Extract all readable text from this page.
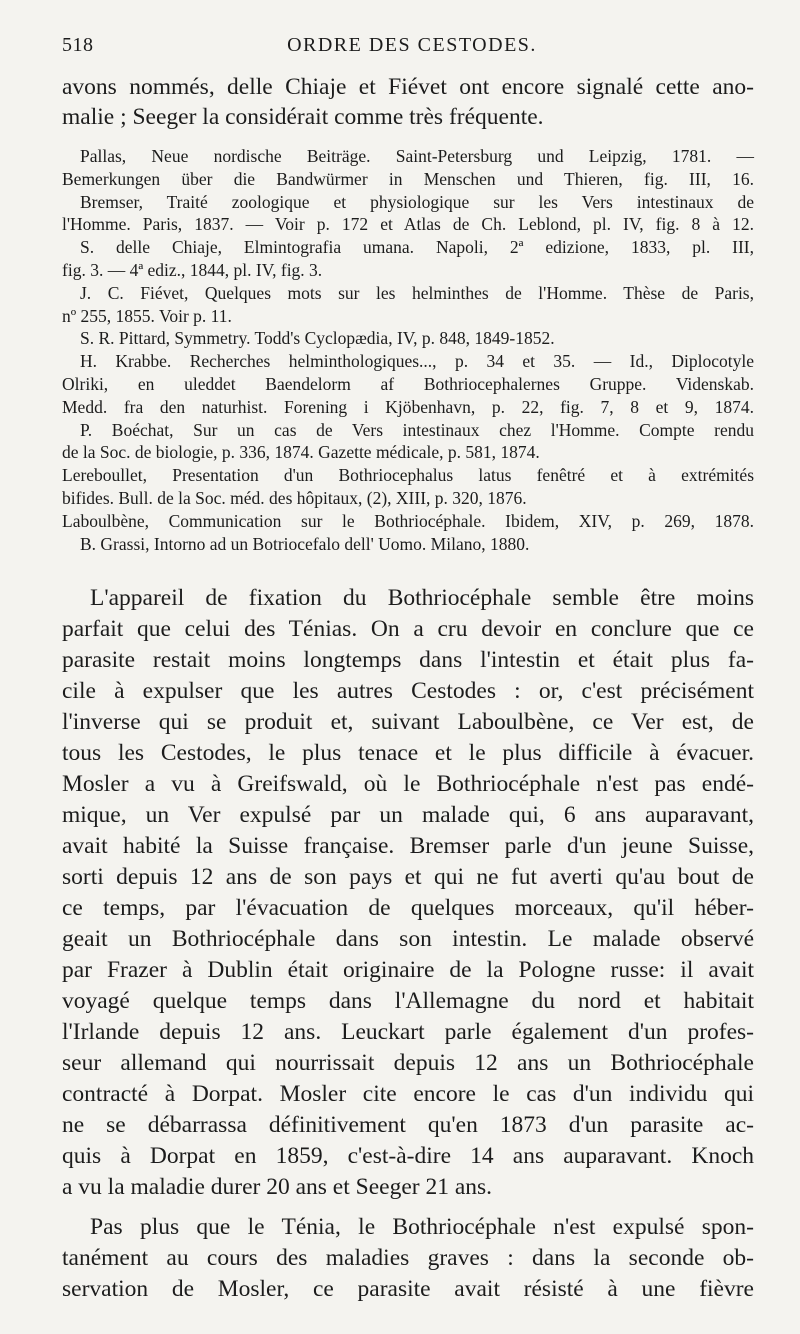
518	ORDRE DES CESTODES.
avons nommés, delle Chiaje et Fiévet ont encore signalé cette ano-
malie ; Seeger la considérait comme très fréquente.
Pallas, Neue nordische Beiträge. Saint-Petersburg und Leipzig, 1781. —
Bemerkungen über die Bandwürmer in Menschen und Thieren, fig. III, 16.
Bremser, Traité zoologique et physiologique sur les Vers intestinaux de
l'Homme. Paris, 1837. — Voir p. 172 et Atlas de Ch. Leblond, pl. IV, fig. 8 à 12.
S. delle Chiaje, Elmintografia umana. Napoli, 2ª edizione, 1833, pl. III,
fig. 3. — 4ª ediz., 1844, pl. IV, fig. 3.
J. C. Fiévet, Quelques mots sur les helminthes de l'Homme. Thèse de Paris,
nº 255, 1855. Voir p. 11.
S. R. Pittard, Symmetry. Todd's Cyclopædia, IV, p. 848, 1849-1852.
H. Krabbe. Recherches helminthologiques..., p. 34 et 35. — Id., Diplocotyle
Olriki, en uleddet Baendelorm af Bothriocephalernes Gruppe. Videnskab.
Medd. fra den naturhist. Forening i Kjöbenhavn, p. 22, fig. 7, 8 et 9, 1874.
P. Boéchat, Sur un cas de Vers intestinaux chez l'Homme. Compte rendu
de la Soc. de biologie, p. 336, 1874. Gazette médicale, p. 581, 1874.
Lereboullet, Presentation d'un Bothriocephalus latus fenêtré et à extrémités
bifides. Bull. de la Soc. méd. des hôpitaux, (2), XIII, p. 320, 1876.
Laboulbène, Communication sur le Bothriocéphale. Ibidem, XIV, p. 269, 1878.
B. Grassi, Intorno ad un Botriocefalo dell' Uomo. Milano, 1880.
L'appareil de fixation du Bothriocéphale semble être moins
parfait que celui des Ténias. On a cru devoir en conclure que ce
parasite restait moins longtemps dans l'intestin et était plus fa-
cile à expulser que les autres Cestodes : or, c'est précisément
l'inverse qui se produit et, suivant Laboulbène, ce Ver est, de
tous les Cestodes, le plus tenace et le plus difficile à évacuer.
Mosler a vu à Greifswald, où le Bothriocéphale n'est pas endé-
mique, un Ver expulsé par un malade qui, 6 ans auparavant,
avait habité la Suisse française. Bremser parle d'un jeune Suisse,
sorti depuis 12 ans de son pays et qui ne fut averti qu'au bout de
ce temps, par l'évacuation de quelques morceaux, qu'il héber-
geait un Bothriocéphale dans son intestin. Le malade observé
par Frazer à Dublin était originaire de la Pologne russe: il avait
voyagé quelque temps dans l'Allemagne du nord et habitait
l'Irlande depuis 12 ans. Leuckart parle également d'un profes-
seur allemand qui nourrissait depuis 12 ans un Bothriocéphale
contracté à Dorpat. Mosler cite encore le cas d'un individu qui
ne se débarrassa définitivement qu'en 1873 d'un parasite ac-
quis à Dorpat en 1859, c'est-à-dire 14 ans auparavant. Knoch
a vu la maladie durer 20 ans et Seeger 21 ans.
Pas plus que le Ténia, le Bothriocéphale n'est expulsé spon-
tanément au cours des maladies graves : dans la seconde ob-
servation de Mosler, ce parasite avait résisté à une fièvre
